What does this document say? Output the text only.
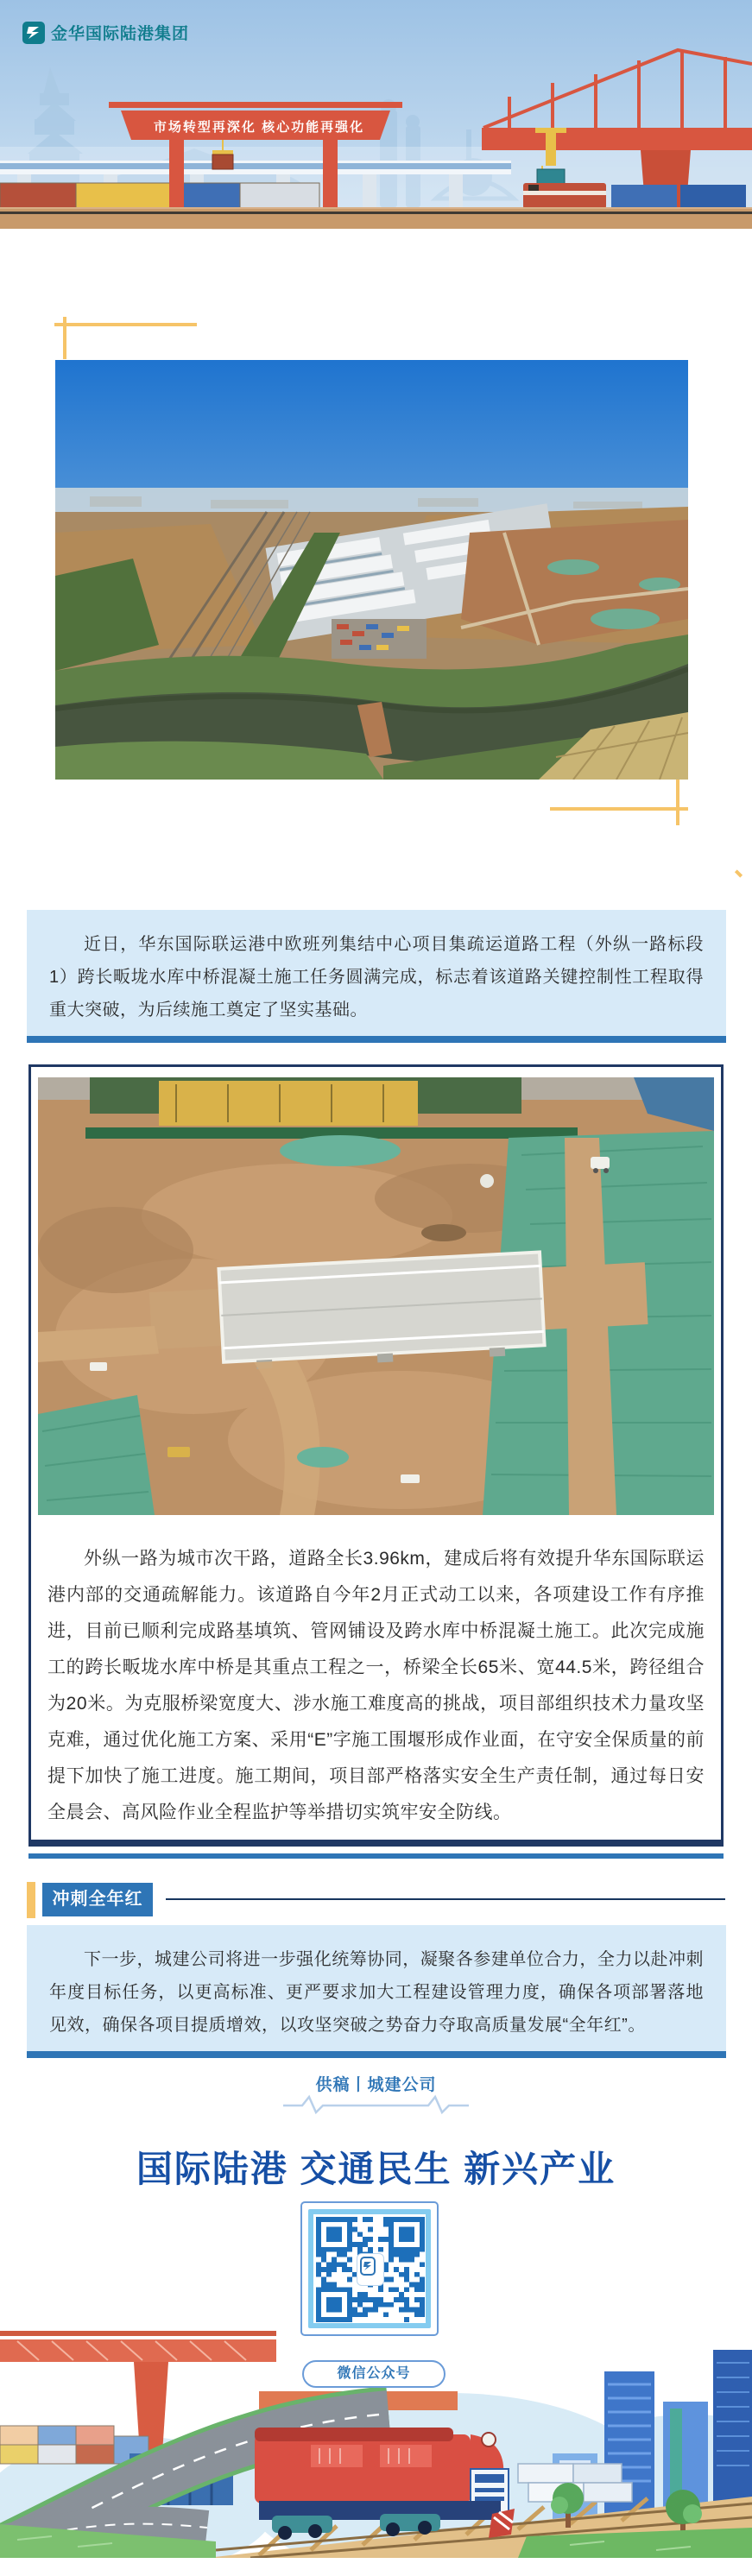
金华国际陆港集团
市场转型再深化 核心功能再强化

近日，华东国际联运港中欧班列集结中心项目集疏运道路工程（外纵一路标段1）跨长畈垅水库中桥混凝土施工任务圆满完成，标志着该道路关键控制性工程取得重大突破，为后续施工奠定了坚实基础。

外纵一路为城市次干路，道路全长3.96km，建成后将有效提升华东国际联运港内部的交通疏解能力。该道路自今年2月正式动工以来，各项建设工作有序推进，目前已顺利完成路基填筑、管网铺设及跨水库中桥混凝土施工。此次完成施工的跨长畈垅水库中桥是其重点工程之一，桥梁全长65米、宽44.5米，跨径组合为20米。为克服桥梁宽度大、涉水施工难度高的挑战，项目部组织技术力量攻坚克难，通过优化施工方案、采用“E”字施工围堰形成作业面，在守安全保质量的前提下加快了施工进度。施工期间，项目部严格落实安全生产责任制，通过每日安全晨会、高风险作业全程监护等举措切实筑牢安全防线。

冲刺全年红

下一步，城建公司将进一步强化统筹协同，凝聚各参建单位合力，全力以赴冲刺年度目标任务，以更高标准、更严要求加大工程建设管理力度，确保各项部署落地见效，确保各项目提质增效，以攻坚突破之势奋力夺取高质量发展“全年红”。

供稿丨城建公司
国际陆港 交通民生 新兴产业
微信公众号
